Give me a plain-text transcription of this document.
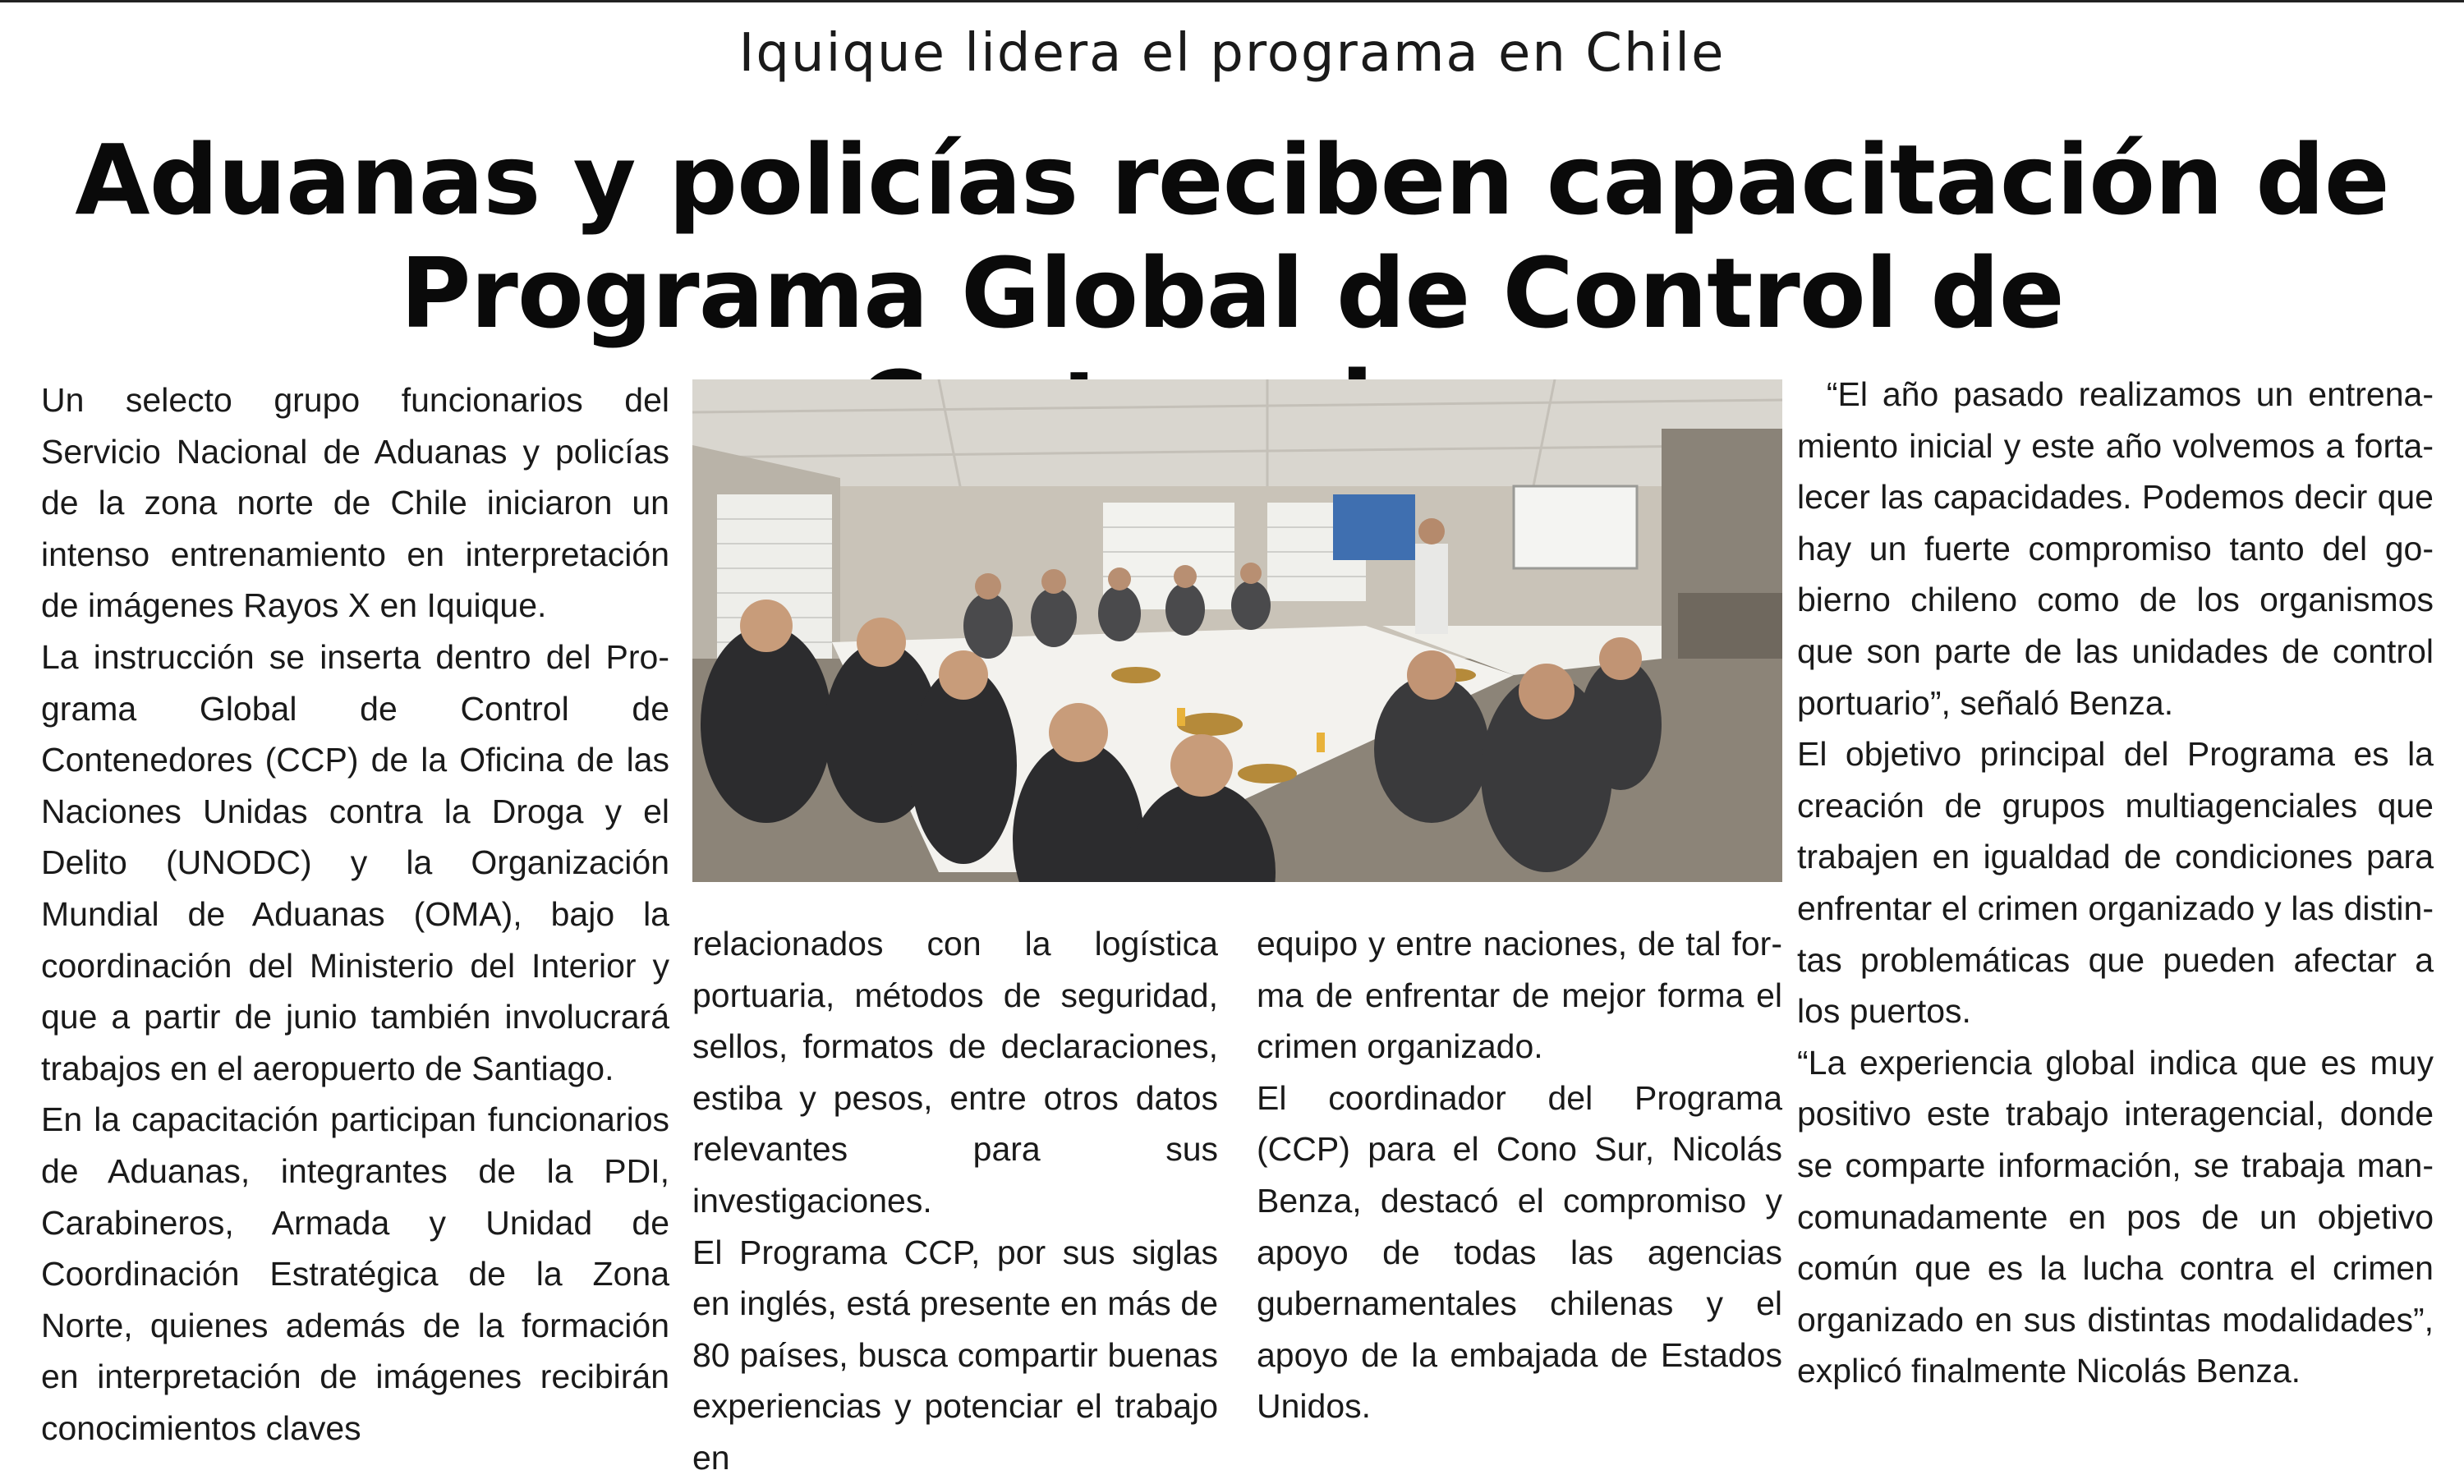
Iquique lidera el programa en Chile
Aduanas y policías reciben capacitación de
Programa Global de Control de

Un selecto grupo funcionarios del Servicio Nacional de Aduanas y policías de la zona norte de Chile iniciaron un intenso entrenamiento en interpretación de imágenes Rayos X en Iquique.

La instrucción se inserta dentro del Programa Global de Control de Contenedores (CCP) de la Oficina de las Naciones Unidas contra la Droga y el Delito (UNODC) y la Organización Mundial de Aduanas (OMA), bajo la coordinación del Ministerio del Interior y que a partir de junio también involucrará trabajos en el aeropuerto de Santiago.

En la capacitación participan funcionarios de Aduanas, integrantes de la PDI, Carabineros, Armada y Unidad de Coordinación Estratégica de la Zona Norte, quienes además de la formación en interpretación de imágenes recibirán conocimientos claves

relacionados con la logística portuaria, métodos de seguridad, sellos, formatos de declaraciones, estiba y pesos, entre otros datos relevantes para sus investigaciones.

El Programa CCP, por sus siglas en inglés, está presente en más de 80 países, busca compartir buenas experiencias y potenciar el trabajo en

equipo y entre naciones, de tal forma de enfrentar de mejor forma el crimen organizado.

El coordinador del Programa (CCP) para el Cono Sur, Nicolás Benza, destacó el compromiso y apoyo de todas las agencias gubernamentales chilenas y el apoyo de la embajada de Estados Unidos.

“El año pasado realizamos un entrenamiento inicial y este año volvemos a fortalecer las capacidades. Podemos decir que hay un fuerte compromiso tanto del gobierno chileno como de los organismos que son parte de las unidades de control portuario”, señaló Benza.

El objetivo principal del Programa es la creación de grupos multiagenciales que trabajen en igualdad de condiciones para enfrentar el crimen organizado y las distintas problemáticas que pueden afectar a los puertos.

“La experiencia global indica que es muy positivo este trabajo interagencial, donde se comparte información, se trabaja mancomunadamente en pos de un objetivo común que es la lucha contra el crimen organizado en sus distintas modalidades”, explicó finalmente Nicolás Benza.
